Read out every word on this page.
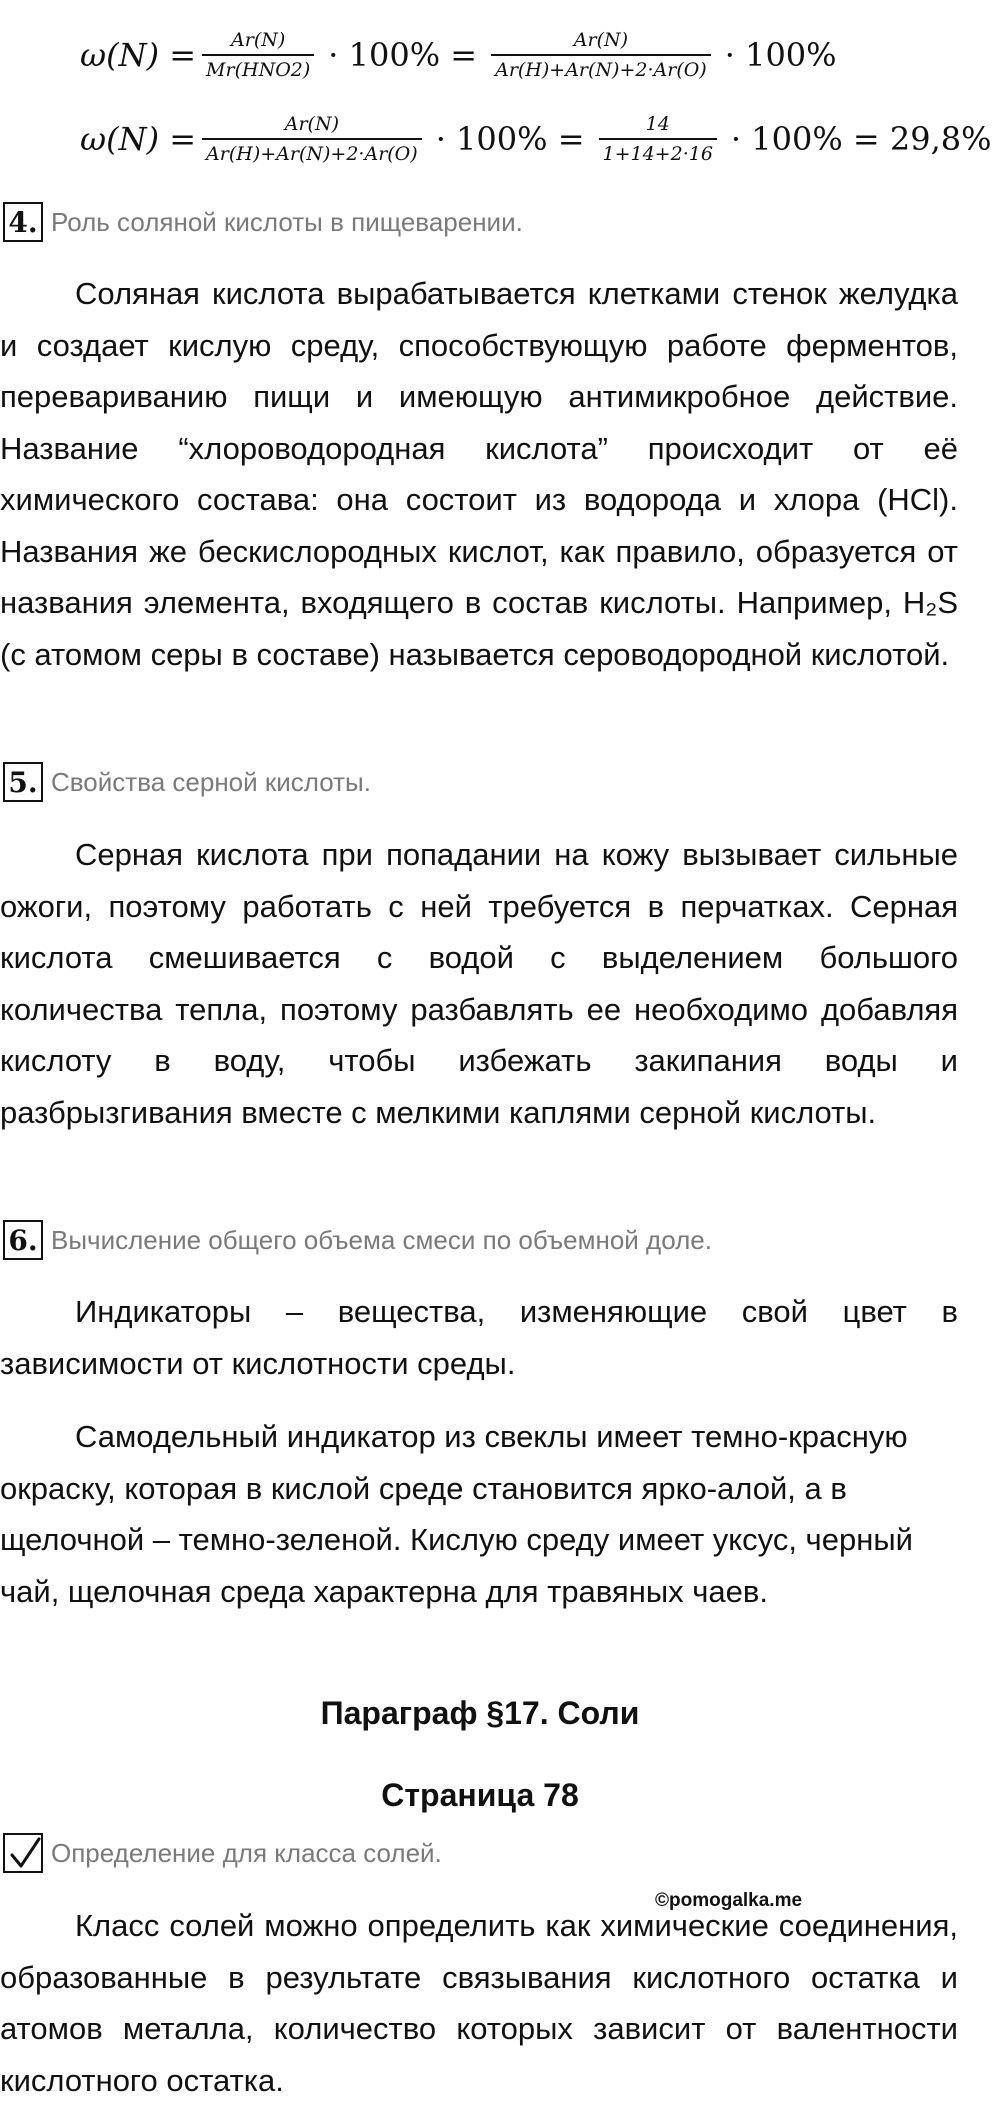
$\omega(N) = \frac{Ar(N)}{\text{Mr(HNO2)}} \cdot 100\% = \frac{Ar(N)}{Ar(H)+Ar(N)+2\cdot Ar(O)} \cdot 100\%$
$\omega(N) = \frac{Ar(N)}{Ar(H)+Ar(N)+2\cdot Ar(O)} \cdot 100\% = \frac{14}{1+14+2\cdot 16} \cdot 100\% = 29,8\%$
4. Роль соляной кислоты в пищеварении.
Соляная кислота вырабатывается клетками стенок желудка и создает кислую среду, способствующую работе ферментов, перевариванию пищи и имеющую антимикробное действие. Название “хлороводородная кислота” происходит от её химического состава: она состоит из водорода и хлора (HCl). Названия же бескислородных кислот, как правило, образуется от названия элемента, входящего в состав кислоты. Например, H₂S (с атомом серы в составе) называется сероводородной кислотой.
5. Свойства серной кислоты.
Серная кислота при попадании на кожу вызывает сильные ожоги, поэтому работать с ней требуется в перчатках. Серная кислота смешивается с водой с выделением большого количества тепла, поэтому разбавлять ее необходимо добавляя кислоту в воду, чтобы избежать закипания воды и разбрызгивания вместе с мелкими каплями серной кислоты.
6. Вычисление общего объема смеси по объемной доле.
Индикаторы – вещества, изменяющие свой цвет в зависимости от кислотности среды.
Самодельный индикатор из свеклы имеет темно-красную окраску, которая в кислой среде становится ярко-алой, а в щелочной – темно-зеленой. Кислую среду имеет уксус, черный чай, щелочная среда характерна для травяных чаев.
Параграф §17. Соли
Страница 78
Определение для класса солей.
©pomogalka.me
Класс солей можно определить как химические соединения, образованные в результате связывания кислотного остатка и атомов металла, количество которых зависит от валентности кислотного остатка.
